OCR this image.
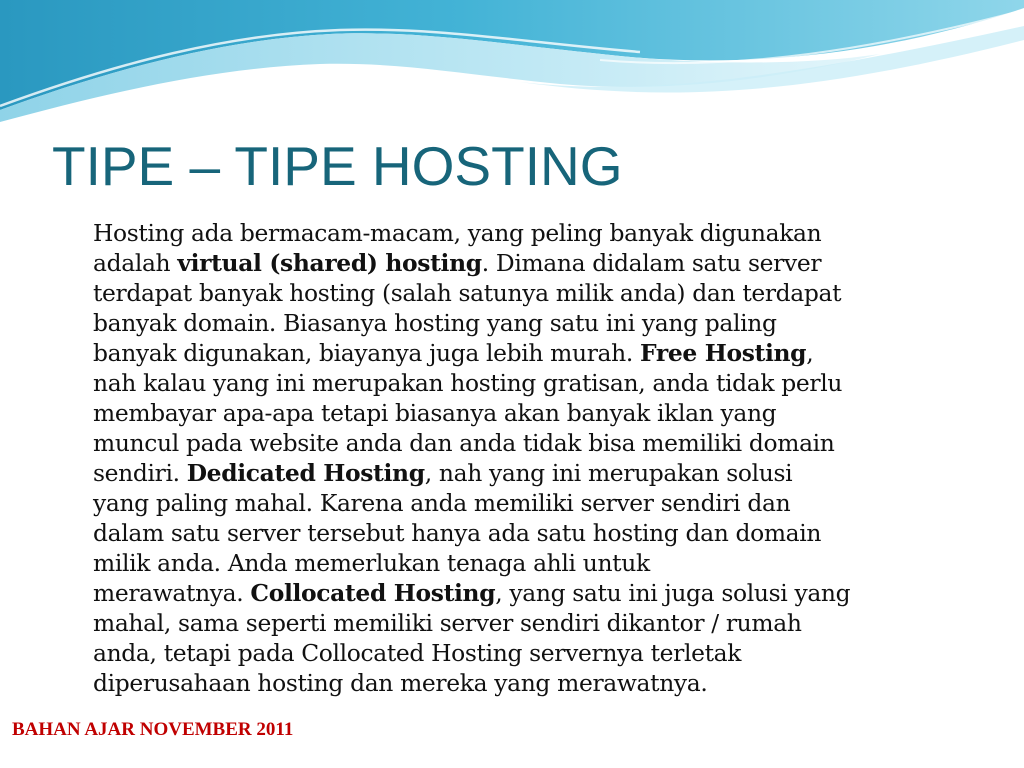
TIPE – TIPE HOSTING
Hosting ada bermacam-macam, yang peling banyak digunakan
adalah virtual (shared) hosting. Dimana didalam satu server
terdapat banyak hosting (salah satunya milik anda) dan terdapat
banyak domain. Biasanya hosting yang satu ini yang paling
banyak digunakan, biayanya juga lebih murah. Free Hosting,
nah kalau yang ini merupakan hosting gratisan, anda tidak perlu
membayar apa-apa tetapi biasanya akan banyak iklan yang
muncul pada website anda dan anda tidak bisa memiliki domain
sendiri. Dedicated Hosting, nah yang ini merupakan solusi
yang paling mahal. Karena anda memiliki server sendiri dan
dalam satu server tersebut hanya ada satu hosting dan domain
milik anda. Anda memerlukan tenaga ahli untuk
merawatnya. Collocated Hosting, yang satu ini juga solusi yang
mahal, sama seperti memiliki server sendiri dikantor / rumah
anda, tetapi pada Collocated Hosting servernya terletak
diperusahaan hosting dan mereka yang merawatnya.

BAHAN AJAR NOVEMBER 2011
